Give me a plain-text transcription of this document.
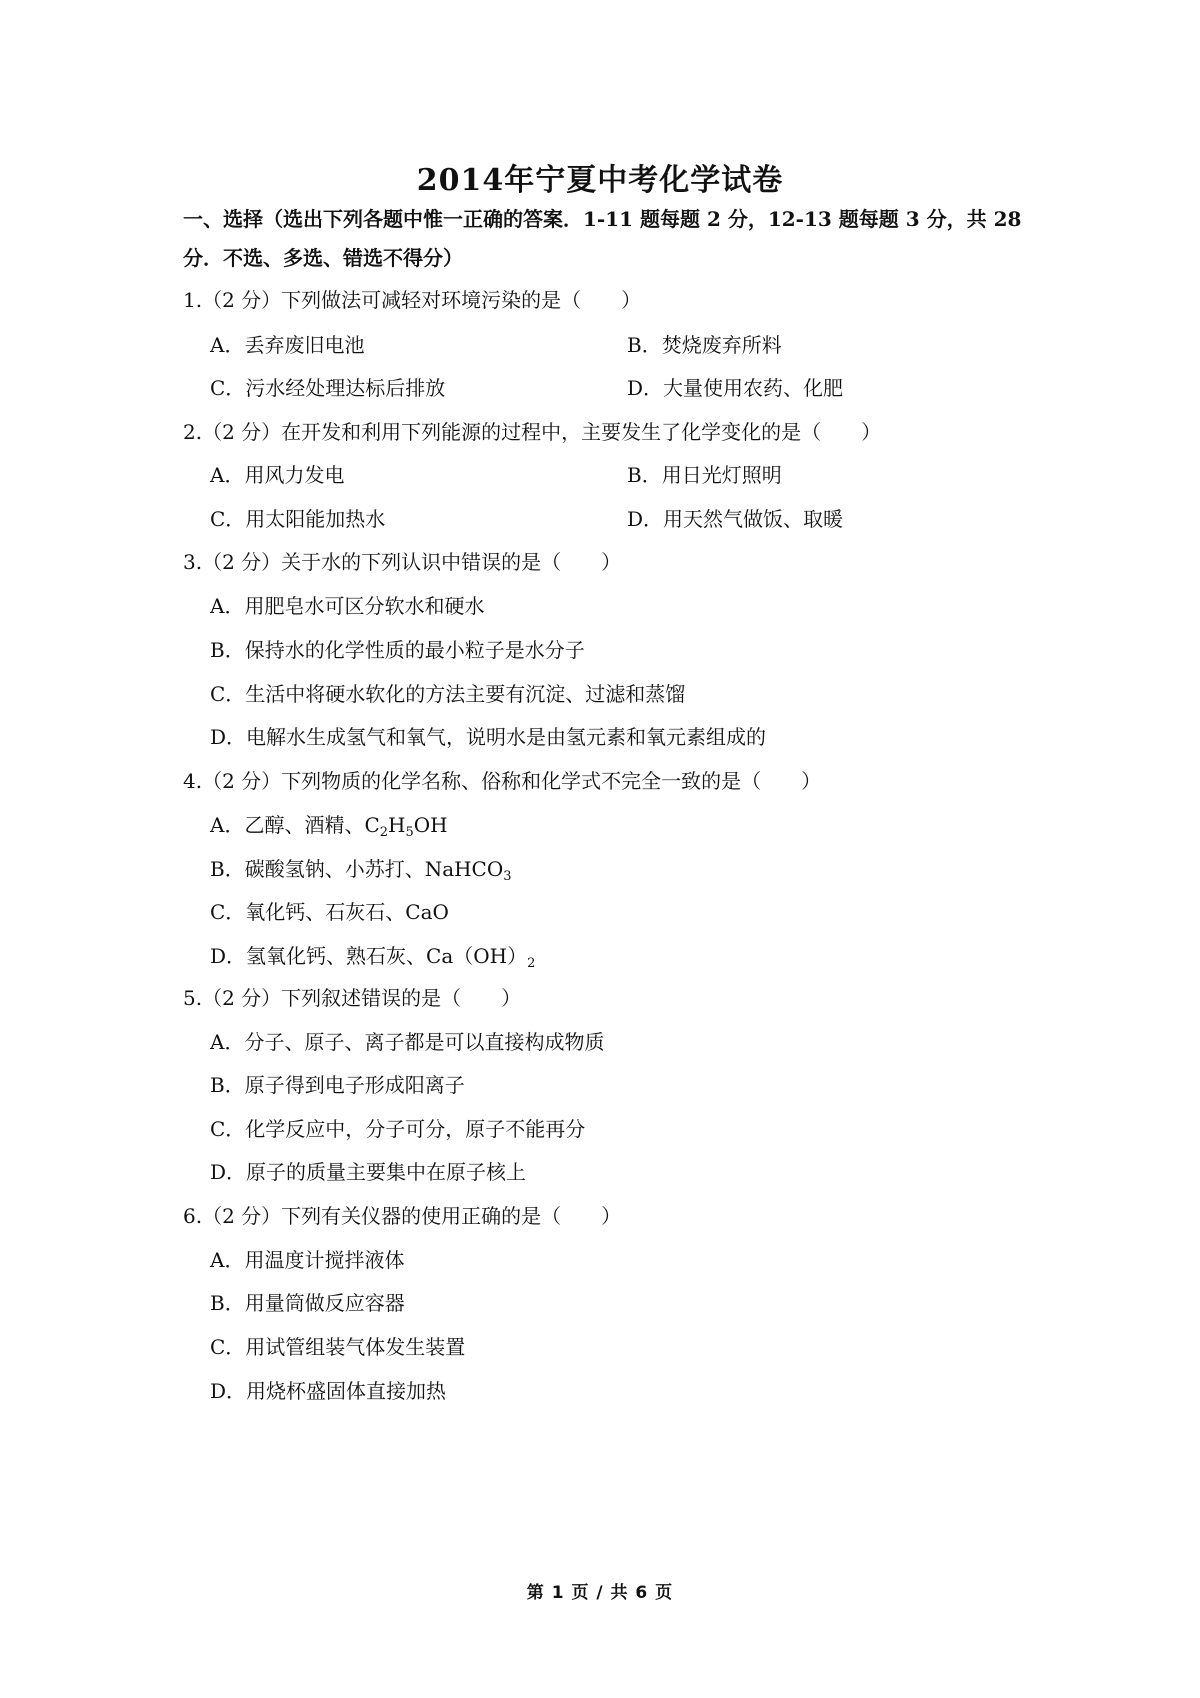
2014年宁夏中考化学试卷
一、选择（选出下列各题中惟一正确的答案．1-11 题每题 2 分，12-13 题每题 3 分，共 28
分．不选、多选、错选不得分）
1.（2 分）下列做法可减轻对环境污染的是（　　）
A．丢弃废旧电池	B．焚烧废弃所料
C．污水经处理达标后排放	D．大量使用农药、化肥
2.（2 分）在开发和利用下列能源的过程中，主要发生了化学变化的是（　　）
A．用风力发电	B．用日光灯照明
C．用太阳能加热水	D．用天然气做饭、取暖
3.（2 分）关于水的下列认识中错误的是（　　）
A．用肥皂水可区分软水和硬水
B．保持水的化学性质的最小粒子是水分子
C．生活中将硬水软化的方法主要有沉淀、过滤和蒸馏
D．电解水生成氢气和氧气，说明水是由氢元素和氧元素组成的
4.（2 分）下列物质的化学名称、俗称和化学式不完全一致的是（　　）
A．乙醇、酒精、$C_2H_5OH$
B．碳酸氢钠、小苏打、NaHCO$_3$
C．氧化钙、石灰石、CaO
D．氢氧化钙、熟石灰、$Ca(OH)_2$
5.（2 分）下列叙述错误的是（　　）
A．分子、原子、离子都是可以直接构成物质
B．原子得到电子形成阳离子
C．化学反应中，分子可分，原子不能再分
D．原子的质量主要集中在原子核上
6.（2 分）下列有关仪器的使用正确的是（　　）
A．用温度计搅拌液体
B．用量筒做反应容器
C．用试管组装气体发生装置
D．用烧杯盛固体直接加热
第 1 页 / 共 6 页
